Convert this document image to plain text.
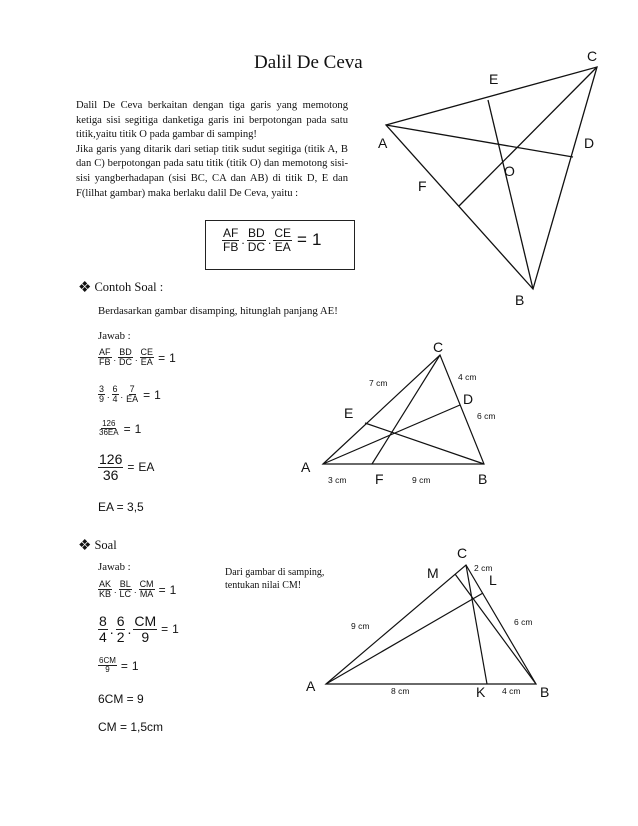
Dalil De Ceva

Dalil De Ceva berkaitan dengan tiga garis yang memotong ketiga sisi segitiga danketiga garis ini berpotongan pada satu titik,yaitu titik O pada gambar di samping!

Jika garis yang ditarik dari setiap titik sudut segitiga (titik A, B dan C) berpotongan pada satu titik (titik O) dan memotong sisi-sisi yangberhadapan (sisi BC, CA dan AB) di titik D, E dan F(lilhat gambar) maka berlaku dalil De Ceva, yaitu :

$\frac{AF}{FB}$ . $\frac{BD}{DC}$ . $\frac{CE}{EA} = 1$
C
E
A	D
O
F
B
❖ Contoh Soal :
Berdasarkan gambar disamping, hitunglah panjang AE!
Jawab :
$\frac{AF}{FB}$ . $\frac{BD}{DC}$ . $\frac{CE}{EA} = 1$
$\frac{3}{9}$ . $\frac{6}{4}$ . $\frac{7}{EA} = 1$
$\frac{126}{36EA} = 1$
$\frac{126}{36}$ = EA
EA = 3,5
C
D
E
A
F	B
7 cm
4 cm
6 cm
3 cm	9 cm
❖ Soal
Jawab :	Dari gambar di samping, tentukan nilai CM!
$\frac{AK}{KB}$ . $\frac{BL}{LC}$ . $\frac{CM}{MA} = 1$
$\frac{8}{4}$ . $\frac{6}{2}$ . $\frac{CM}{9} = 1$
$\frac{6CM}{9} = 1$
6CM = 9
CM = 1,5cm
C
M	L
A	K	B
2 cm
6 cm
9 cm
8 cm	4 cm
